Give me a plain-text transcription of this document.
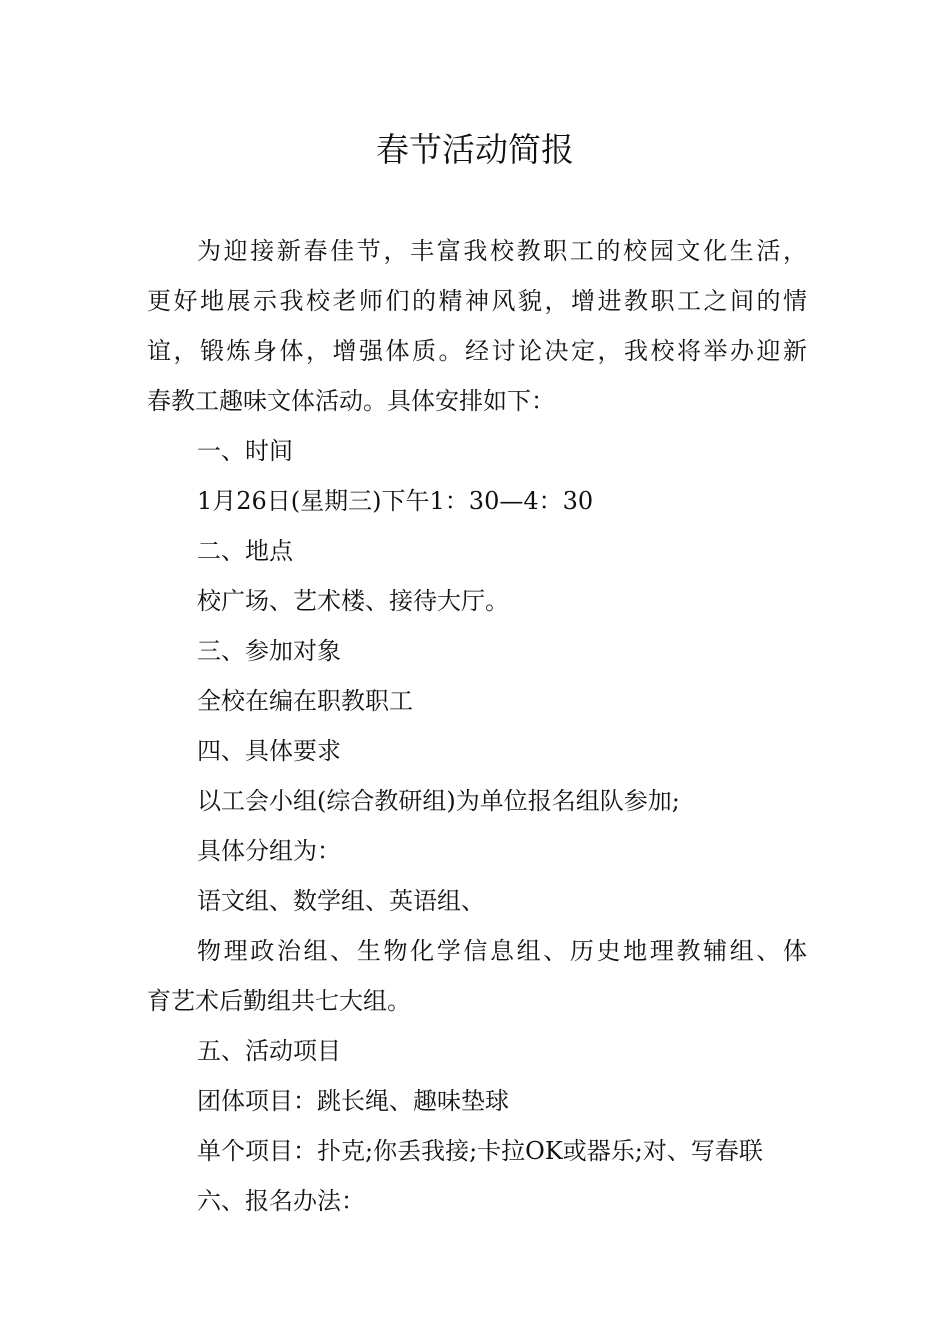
春节活动简报
为迎接新春佳节，丰富我校教职工的校园文化生活，
更好地展示我校老师们的精神风貌，增进教职工之间的情
谊，锻炼身体，增强体质。经讨论决定，我校将举办迎新
春教工趣味文体活动。具体安排如下：
一、时间
1月26日(星期三)下午1：30—4：30
二、地点
校广场、艺术楼、接待大厅。
三、参加对象
全校在编在职教职工
四、具体要求
以工会小组(综合教研组)为单位报名组队参加;
具体分组为：
语文组、数学组、英语组、
物理政治组、生物化学信息组、历史地理教辅组、体
育艺术后勤组共七大组。
五、活动项目
团体项目：跳长绳、趣味垫球
单个项目：扑克;你丢我接;卡拉OK或器乐;对、写春联
六、报名办法：
